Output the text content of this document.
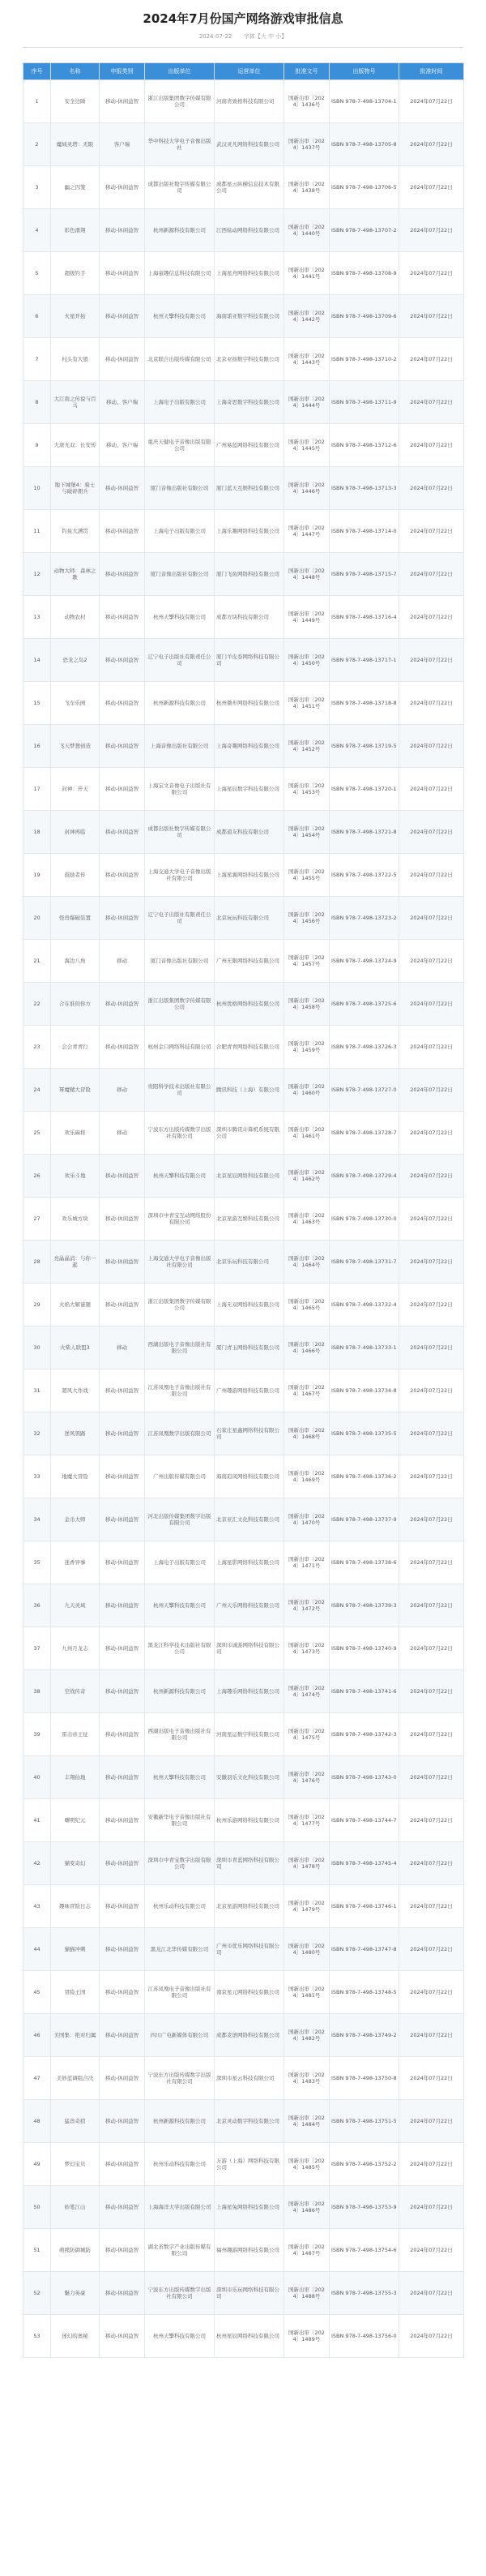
2024年7月份国产网络游戏审批信息
2024-07-22 字体【大 中 小】
序号	名称	申报类别	出版单位	运营单位	批准文号	出版物号	批准时间
1	安全边陲	移动-休闲益智	浙江出版集团数字传媒有限公司	河南省致格科技有限公司	国新出审〔2024〕1436号	ISBN 978-7-498-13704-1	2024年07月22日
2	魔域灵塔：无限	客户端	华中科技大学电子音像出版社	武汉灵凡网络科技有限公司	国新出审〔2024〕1437号	ISBN 978-7-498-13705-8	2024年07月22日
3	幽之囚笼	移动-休闲益智	成都出版社数字传媒有限公司	成都星云纵横信息技术有限公司	国新出审〔2024〕1438号	ISBN 978-7-498-13706-5	2024年07月22日
4	彩色滑翔	移动-休闲益智	杭州新源科技有限公司	江西炫动网络科技有限公司	国新出审〔2024〕1440号	ISBN 978-7-498-13707-2	2024年07月22日
5	超级钓手	移动-休闲益智	上海童趣信息科技有限公司	上海星舟网络科技有限公司	国新出审〔2024〕1441号	ISBN 978-7-498-13708-9	2024年07月22日
6	火星开拓	移动-休闲益智	杭州天擎科技有限公司	海南诺亚数字科技有限公司	国新出审〔2024〕1442号	ISBN 978-7-498-13709-6	2024年07月22日
7	村头有大狼	移动-休闲益智	北京联合出版传媒有限公司	北京亚扬数字科技有限公司	国新出审〔2024〕1443号	ISBN 978-7-498-13710-2	2024年07月22日
8	大江南之传说与百马	移动、客户端	上海电子出版有限公司	上海奇思数字科技有限公司	国新出审〔2024〕1444号	ISBN 978-7-498-13711-9	2024年07月22日
9	大唐无双：长安传	移动、客户端	重庆天健电子音像出版有限公司	广州易蓝网络科技有限公司	国新出审〔2024〕1445号	ISBN 978-7-498-13712-6	2024年07月22日
10	地下城堡4：骑士与破碎佣兵	移动-休闲益智	厦门音像出版社有限公司	厦门蓝天互娱科技有限公司	国新出审〔2024〕1446号	ISBN 978-7-498-13713-3	2024年07月22日
11	钓鱼大满贯	移动-休闲益智	上海电子出版有限公司	上海乐趣网络科技有限公司	国新出审〔2024〕1447号	ISBN 978-7-498-13714-0	2024年07月22日
12	动物大师：森林之歌	移动-休闲益智	厦门音像出版社有限公司	厦门飞鱼网络科技有限公司	国新出审〔2024〕1448号	ISBN 978-7-498-13715-7	2024年07月22日
13	动物农村	移动-休闲益智	杭州天擎科技有限公司	成都方块科技有限公司	国新出审〔2024〕1449号	ISBN 978-7-498-13716-4	2024年07月22日
14	恐龙之岛2	移动-休闲益智	辽宁电子出版社有限责任公司	厦门羊皮卷网络科技有限公司	国新出审〔2024〕1450号	ISBN 978-7-498-13717-1	2024年07月22日
15	飞车乐园	移动-休闲益智	杭州新源科技有限公司	杭州微步网络科技有限公司	国新出审〔2024〕1451号	ISBN 978-7-498-13718-8	2024年07月22日
16	飞天梦想创造	移动-休闲益智	上海音像出版社有限公司	上海奇趣网络科技有限公司	国新出审〔2024〕1452号	ISBN 978-7-498-13719-5	2024年07月22日
17	封神：开天	移动-休闲益智	上海宝文音像电子出版社有限公司	上海星辰数字科技有限公司	国新出审〔2024〕1453号	ISBN 978-7-498-13720-1	2024年07月22日
18	封神再临	移动-休闲益智	成都出版社数字传媒有限公司	成都道友科技有限公司	国新出审〔2024〕1454号	ISBN 978-7-498-13721-8	2024年07月22日
19	鼓励者传	移动-休闲益智	上海交通大学电子音像出版社有限公司	上海星翼网络科技有限公司	国新出审〔2024〕1455号	ISBN 978-7-498-13722-5	2024年07月22日
20	怪兽爆破装置	移动-休闲益智	辽宁电子出版社有限责任公司	北京玩玩科技有限公司	国新出审〔2024〕1456号	ISBN 978-7-498-13723-2	2024年07月22日
21	海边八角	移动	厦门音像出版社有限公司	广州无限网络科技有限公司	国新出审〔2024〕1457号	ISBN 978-7-498-13724-9	2024年07月22日
22	合在谁的你方	移动-休闲益智	浙江出版集团数字传媒有限公司	杭州优格网络科技有限公司	国新出审〔2024〕1458号	ISBN 978-7-498-13725-6	2024年07月22日
23	会会青青行	移动-休闲益智	杭州金口网络科技有限公司	合肥青青网络科技有限公司	国新出审〔2024〕1459号	ISBN 978-7-498-13726-3	2024年07月22日
24	幂魔精大冒险	移动	贵阳科学技术出版社有限公司	腾讯科技（上海）有限公司	国新出审〔2024〕1460号	ISBN 978-7-498-13727-0	2024年07月22日
25	欢乐麻将	移动	宁波东方出版传媒数字出版社有限公司	深圳市腾讯计算机系统有限公司	国新出审〔2024〕1461号	ISBN 978-7-498-13728-7	2024年07月22日
26	欢乐斗地	移动-休闲益智	杭州天擎科技有限公司	北京星辰网络科技有限公司	国新出审〔2024〕1462号	ISBN 978-7-498-13729-4	2024年07月22日
27	欢乐城方块	移动-休闲益智	深圳市中青宝互动网络股份有限公司	北京星游互娱科技有限公司	国新出审〔2024〕1463号	ISBN 978-7-498-13730-0	2024年07月22日
28	亮晶晶消：与你一起	移动-休闲益智	上海交通大学电子音像出版社有限公司	北京乐玩科技有限公司	国新出审〔2024〕1464号	ISBN 978-7-498-13731-7	2024年07月22日
29	火焰大解谜题	移动-休闲益智	浙江出版集团数字传媒有限公司	上海无双网络科技有限公司	国新出审〔2024〕1465号	ISBN 978-7-498-13732-4	2024年07月22日
30	火柴人联盟3	移动	西湖出版电子音像出版社有限公司	厦门青玉网络科技有限公司	国新出审〔2024〕1466号	ISBN 978-7-498-13733-1	2024年07月22日
31	超风大作战	移动-休闲益智	江苏凤凰电子音像出版社有限公司	广州趣游网络科技有限公司	国新出审〔2024〕1467号	ISBN 978-7-498-13734-8	2024年07月22日
32	逆风领路	移动-休闲益智	江苏凤凰数字出版有限公司	石家庄星鑫网络科技有限公司	国新出审〔2024〕1468号	ISBN 978-7-498-13735-5	2024年07月22日
33	地魔大冒险	移动-休闲益智	广州出版传媒有限公司	海南追凤网络科技有限公司	国新出审〔2024〕1469号	ISBN 978-7-498-13736-2	2024年07月22日
34	金币大师	移动-休闲益智	河北出版传媒集团数字出版有限公司	北京亚汇文化科技有限公司	国新出审〔2024〕1470号	ISBN 978-7-498-13737-9	2024年07月22日
35	迷香异事	移动-休闲益智	上海电子出版有限公司	上海星影网络科技有限公司	国新出审〔2024〕1471号	ISBN 978-7-498-13738-6	2024年07月22日
36	九天灵域	移动-休闲益智	杭州天擎科技有限公司	广州天乐网络科技有限公司	国新出审〔2024〕1472号	ISBN 978-7-498-13739-3	2024年07月22日
37	九州月龙志	移动-休闲益智	黑龙江科学技术出版社有限公司	深圳市诚游网络科技有限公司	国新出审〔2024〕1473号	ISBN 978-7-498-13740-9	2024年07月22日
38	空战传奇	移动-休闲益智	杭州新源科技有限公司	上海趣乐网络科技有限公司	国新出审〔2024〕1474号	ISBN 978-7-498-13741-6	2024年07月22日
39	雷击帝王征	移动-休闲益智	西湖出版电子音像出版社有限公司	河南星运数字科技有限公司	国新出审〔2024〕1475号	ISBN 978-7-498-13742-3	2024年07月22日
40	丰翔仙地	移动-休闲益智	杭州天擎科技有限公司	安徽羽乐文化科技有限公司	国新出审〔2024〕1476号	ISBN 978-7-498-13743-0	2024年07月22日
41	曙明纪元	移动-休闲益智	安徽新华电子音像出版社有限公司	杭州乐游网络科技有限公司	国新出审〔2024〕1477号	ISBN 978-7-498-13744-7	2024年07月22日
42	猫变奇幻	移动-休闲益智	深圳市中青宝数字出版有限公司	深圳市青蓝网络科技有限公司	国新出审〔2024〕1478号	ISBN 978-7-498-13745-4	2024年07月22日
43	趣味冒险日志	移动-休闲益智	杭州乐动科技有限公司	北京星游网络科技有限公司	国新出审〔2024〕1479号	ISBN 978-7-498-13746-1	2024年07月22日
44	猫猫冲刺	移动-休闲益智	黑龙江北华传媒有限公司	广州市优乐网络科技有限公司	国新出审〔2024〕1480号	ISBN 978-7-498-13747-8	2024年07月22日
45	冒险王国	移动-休闲益智	江苏凤凰电子音像出版社有限公司	南京星元网络科技有限公司	国新出审〔2024〕1481号	ISBN 978-7-498-13748-5	2024年07月22日
46	美国集：绝对归属	移动-休闲益智	四川广电新媒体有限公司	成都麦语网络科技有限公司	国新出审〔2024〕1482号	ISBN 978-7-498-13749-2	2024年07月22日
47	美妙蓝调组合决	移动-休闲益智	宁波东方出版传媒数字出版社有限公司	深圳市星云科技有限公司	国新出审〔2024〕1483号	ISBN 978-7-498-13750-8	2024年07月22日
48	猛兽奇招	移动-休闲益智	杭州新源科技有限公司	北京灵动数字科技有限公司	国新出审〔2024〕1484号	ISBN 978-7-498-13751-5	2024年07月22日
49	梦幻宝贝	移动-休闲益智	杭州乐动科技有限公司	万游（上海）网络科技有限公司	国新出审〔2024〕1485号	ISBN 978-7-498-13752-2	2024年07月22日
50	妙笔江山	移动-休闲益智	上海海洋大学出版有限公司	上海星兔网络科技有限公司	国新出审〔2024〕1486号	ISBN 978-7-498-13753-9	2024年07月22日
51	萌熊防御城防	移动-休闲益智	湖北省数字产业出版传媒有限公司	福州趣游网络科技有限公司	国新出审〔2024〕1487号	ISBN 978-7-498-13754-6	2024年07月22日
52	魅力英豪	移动-休闲益智	宁波东方出版传媒数字出版社有限公司	深圳市乐玩网络科技有限公司	国新出审〔2024〕1488号	ISBN 978-7-498-13755-3	2024年07月22日
53	迷幻的奥秘	移动-休闲益智	杭州天擎科技有限公司	杭州星辰网络科技有限公司	国新出审〔2024〕1489号	ISBN 978-7-498-13756-0	2024年07月22日
